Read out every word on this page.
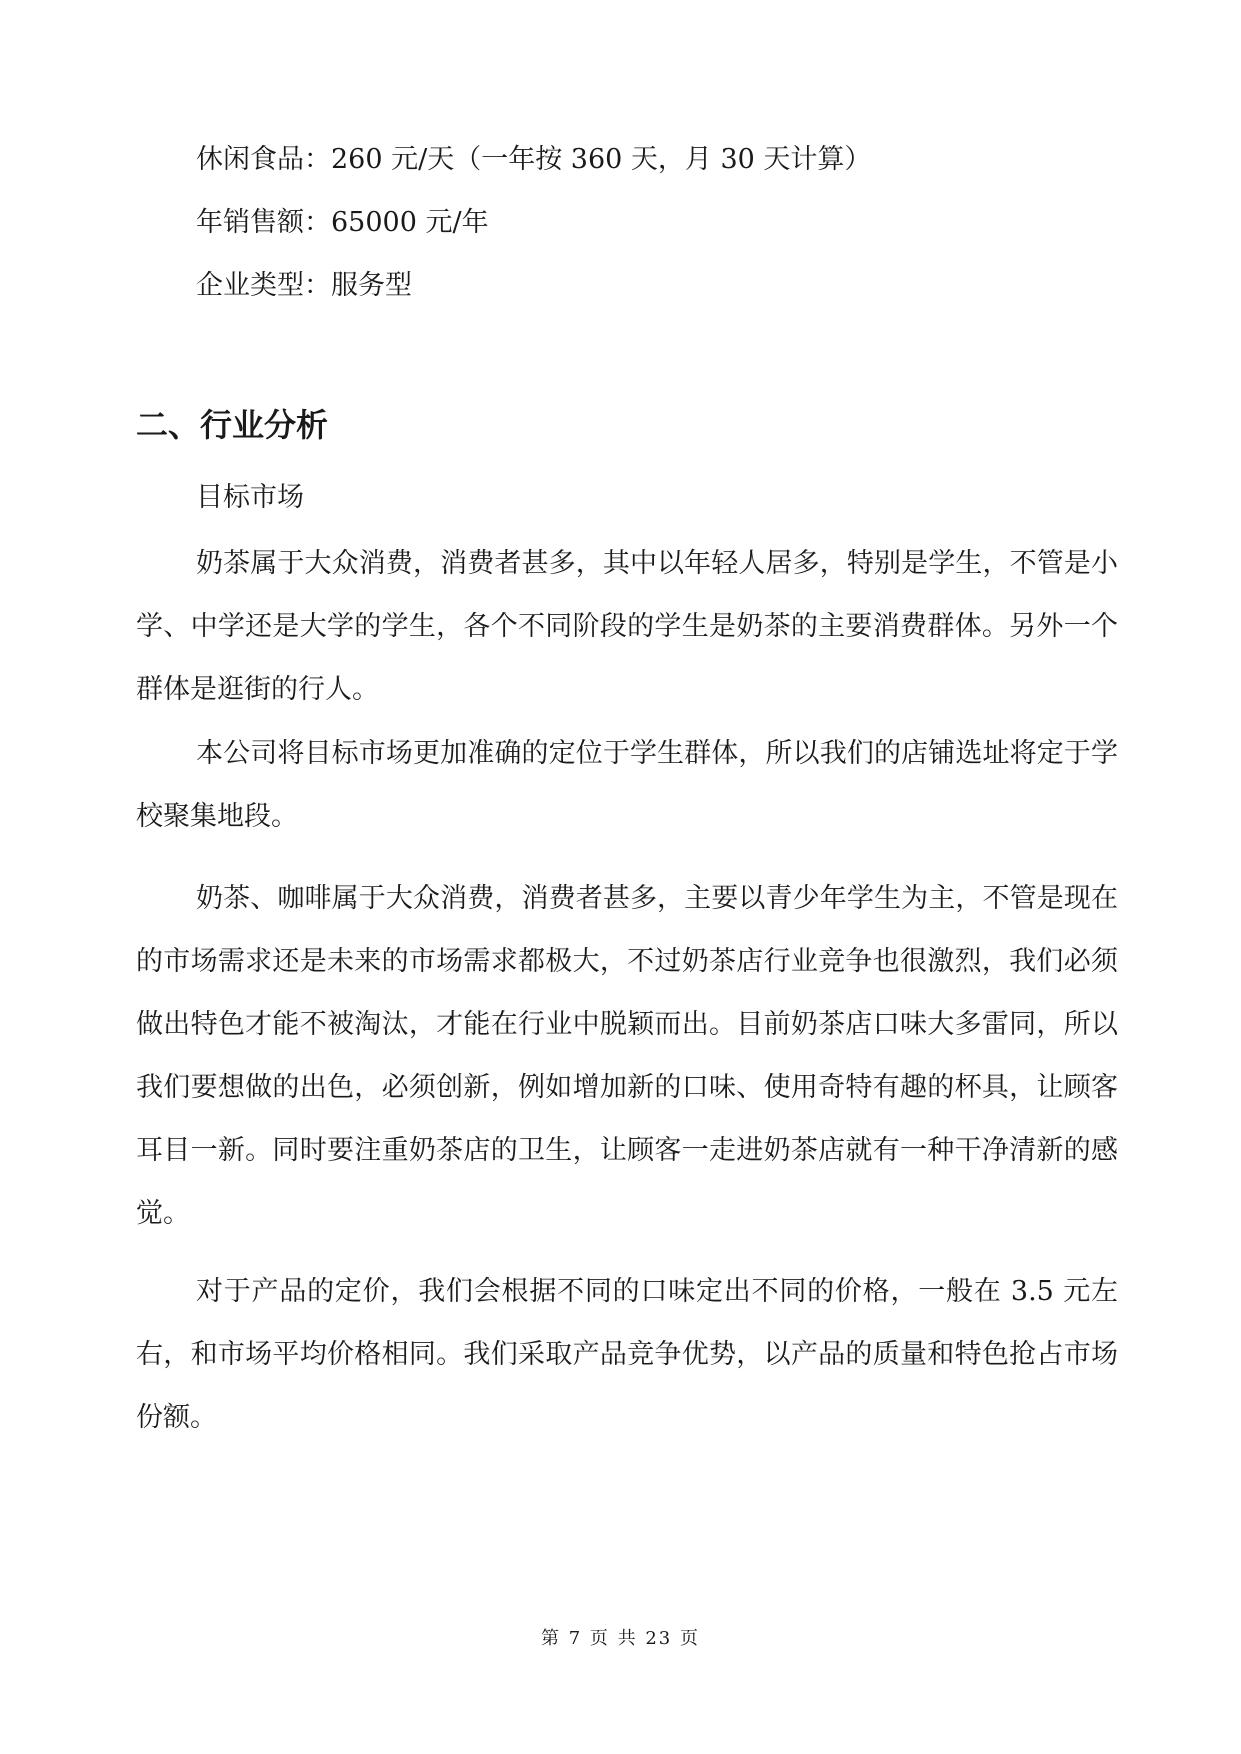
休闲食品：260 元/天（一年按 360 天，月 30 天计算）
年销售额：65000 元/年
企业类型：服务型
二、行业分析
目标市场

奶茶属于大众消费，消费者甚多，其中以年轻人居多，特别是学生，不管是小学、中学还是大学的学生，各个不同阶段的学生是奶茶的主要消费群体。另外一个群体是逛街的行人。

本公司将目标市场更加准确的定位于学生群体，所以我们的店铺选址将定于学校聚集地段。

奶茶、咖啡属于大众消费，消费者甚多，主要以青少年学生为主，不管是现在的市场需求还是未来的市场需求都极大，不过奶茶店行业竞争也很激烈，我们必须做出特色才能不被淘汰，才能在行业中脱颖而出。目前奶茶店口味大多雷同，所以我们要想做的出色，必须创新，例如增加新的口味、使用奇特有趣的杯具，让顾客耳目一新。同时要注重奶茶店的卫生，让顾客一走进奶茶店就有一种干净清新的感觉。

对于产品的定价，我们会根据不同的口味定出不同的价格，一般在 3.5 元左右，和市场平均价格相同。我们采取产品竞争优势，以产品的质量和特色抢占市场份额。

第 7 页 共 23 页
